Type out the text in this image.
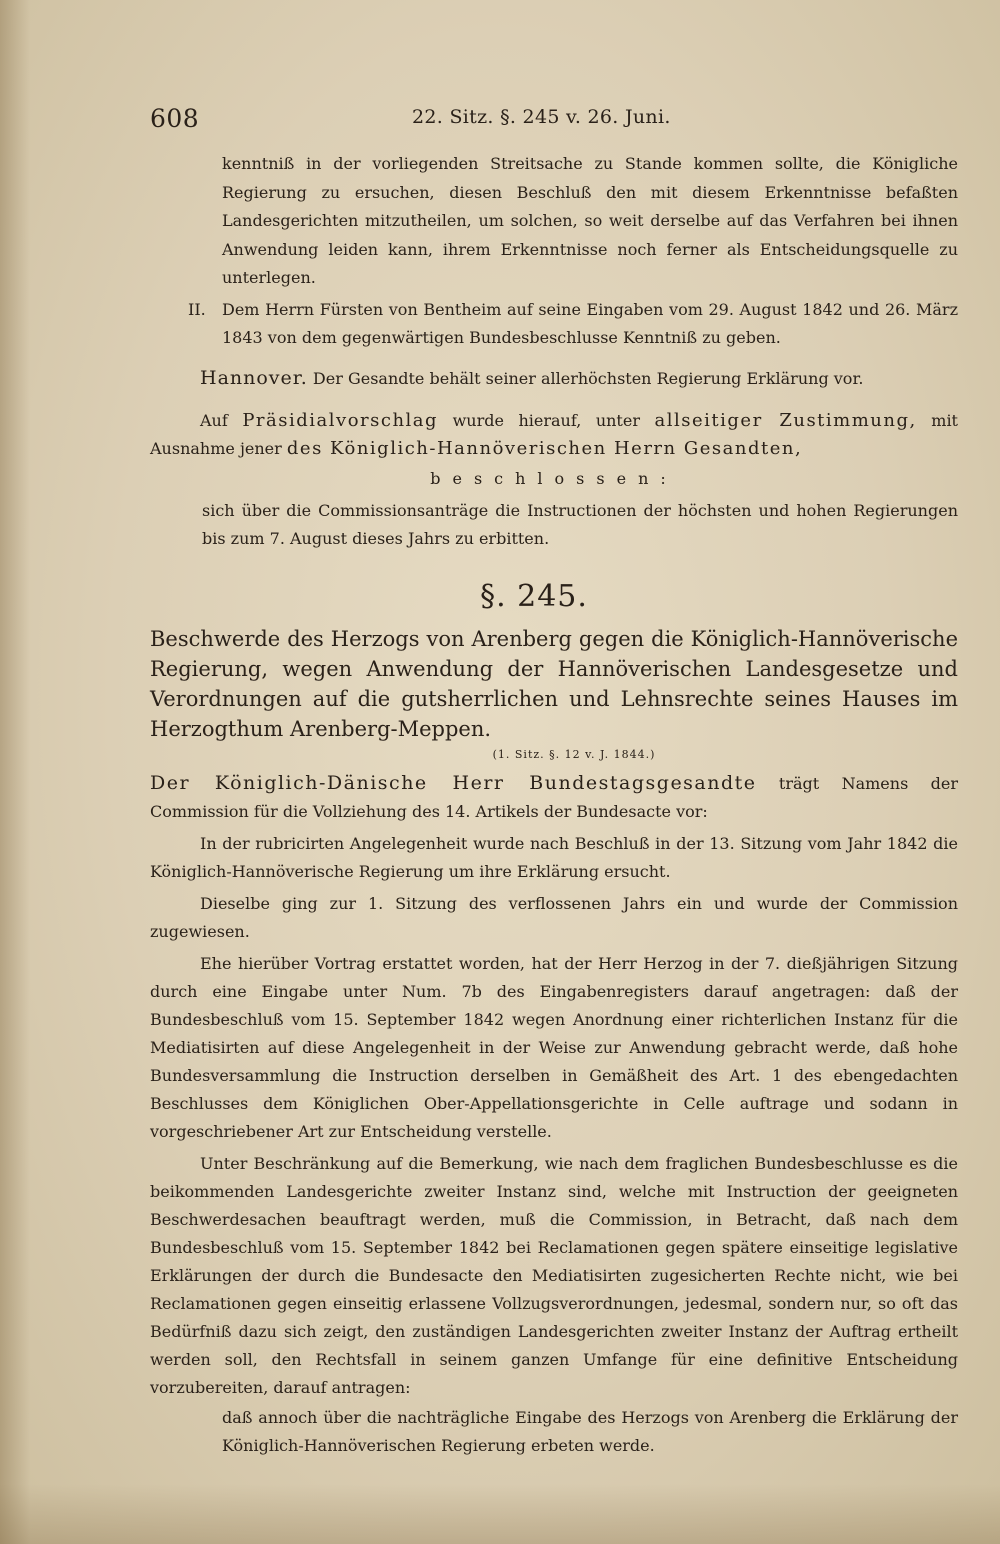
608	22. Sitz. §. 245 v. 26. Juni.

kenntniß in der vorliegenden Streitsache zu Stande kommen sollte, die Königliche Regierung zu ersuchen, diesen Beschluß den mit diesem Erkenntnisse befaßten Landesgerichten mitzutheilen, um solchen, so weit derselbe auf das Verfahren bei ihnen Anwendung leiden kann, ihrem Erkenntnisse noch ferner als Entscheidungsquelle zu unterlegen.

II.	Dem Herrn Fürsten von Bentheim auf seine Eingaben vom 29. August 1842 und 26. März 1843 von dem gegenwärtigen Bundesbeschlusse Kenntniß zu geben.

Hannover. Der Gesandte behält seiner allerhöchsten Regierung Erklärung vor.

Auf Präsidialvorschlag wurde hierauf, unter allseitiger Zustimmung, mit Ausnahme jener des Königlich-Hannöverischen Herrn Gesandten,

beschlossen:

sich über die Commissionsanträge die Instructionen der höchsten und hohen Regierungen bis zum 7. August dieses Jahrs zu erbitten.

§. 245.

Beschwerde des Herzogs von Arenberg gegen die Königlich-Hannöverische Regierung, wegen Anwendung der Hannöverischen Landesgesetze und Verordnungen auf die gutsherrlichen und Lehnsrechte seines Hauses im Herzogthum Arenberg-Meppen.

(1. Sitz. §. 12 v. J. 1844.)

Der Königlich-Dänische Herr Bundestagsgesandte trägt Namens der Commission für die Vollziehung des 14. Artikels der Bundesacte vor:

In der rubricirten Angelegenheit wurde nach Beschluß in der 13. Sitzung vom Jahr 1842 die Königlich-Hannöverische Regierung um ihre Erklärung ersucht.

Dieselbe ging zur 1. Sitzung des verflossenen Jahrs ein und wurde der Commission zugewiesen.

Ehe hierüber Vortrag erstattet worden, hat der Herr Herzog in der 7. dießjährigen Sitzung durch eine Eingabe unter Num. 7b des Eingabenregisters darauf angetragen: daß der Bundesbeschluß vom 15. September 1842 wegen Anordnung einer richterlichen Instanz für die Mediatisirten auf diese Angelegenheit in der Weise zur Anwendung gebracht werde, daß hohe Bundesversammlung die Instruction derselben in Gemäßheit des Art. 1 des ebengedachten Beschlusses dem Königlichen Ober-Appellationsgerichte in Celle auftrage und sodann in vorgeschriebener Art zur Entscheidung verstelle.

Unter Beschränkung auf die Bemerkung, wie nach dem fraglichen Bundesbeschlusse es die beikommenden Landesgerichte zweiter Instanz sind, welche mit Instruction der geeigneten Beschwerdesachen beauftragt werden, muß die Commission, in Betracht, daß nach dem Bundesbeschluß vom 15. September 1842 bei Reclamationen gegen spätere einseitige legislative Erklärungen der durch die Bundesacte den Mediatisirten zugesicherten Rechte nicht, wie bei Reclamationen gegen einseitig erlassene Vollzugsverordnungen, jedesmal, sondern nur, so oft das Bedürfniß dazu sich zeigt, den zuständigen Landesgerichten zweiter Instanz der Auftrag ertheilt werden soll, den Rechtsfall in seinem ganzen Umfange für eine definitive Entscheidung vorzubereiten, darauf antragen:

daß annoch über die nachträgliche Eingabe des Herzogs von Arenberg die Erklärung der Königlich-Hannöverischen Regierung erbeten werde.
